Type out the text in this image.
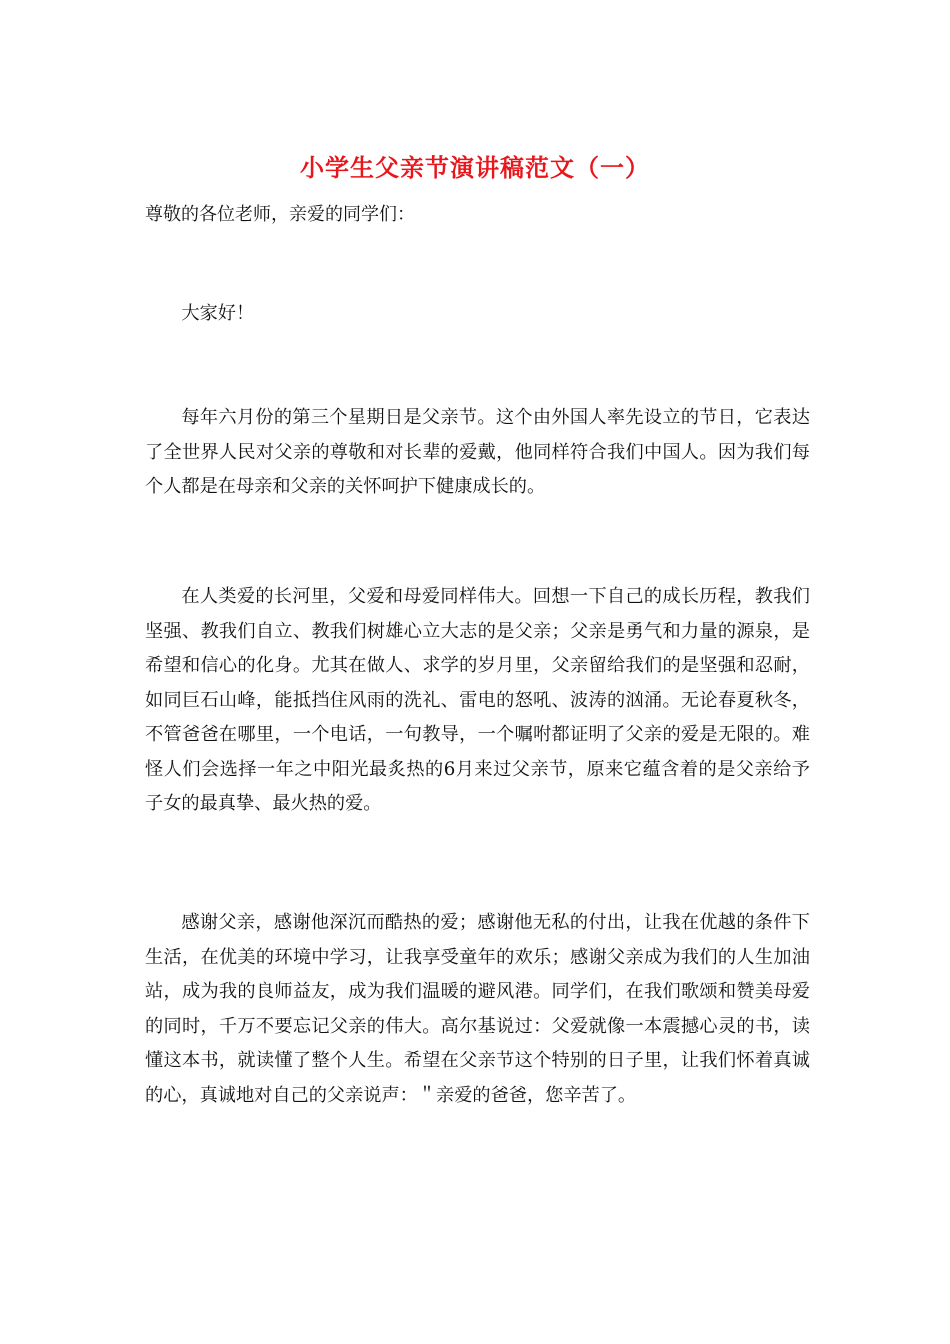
小学生父亲节演讲稿范文（一）
尊敬的各位老师，亲爱的同学们：

大家好！

每年六月份的第三个星期日是父亲节。这个由外国人率先设立的节日，它表达了全世界人民对父亲的尊敬和对长辈的爱戴，他同样符合我们中国人。因为我们每个人都是在母亲和父亲的关怀呵护下健康成长的。

在人类爱的长河里，父爱和母爱同样伟大。回想一下自己的成长历程，教我们坚强、教我们自立、教我们树雄心立大志的是父亲；父亲是勇气和力量的源泉，是希望和信心的化身。尤其在做人、求学的岁月里，父亲留给我们的是坚强和忍耐，如同巨石山峰，能抵挡住风雨的洗礼、雷电的怒吼、波涛的汹涌。无论春夏秋冬，不管爸爸在哪里，一个电话，一句教导，一个嘱咐都证明了父亲的爱是无限的。难怪人们会选择一年之中阳光最炙热的6月来过父亲节，原来它蕴含着的是父亲给予子女的最真挚、最火热的爱。

感谢父亲，感谢他深沉而酷热的爱；感谢他无私的付出，让我在优越的条件下生活，在优美的环境中学习，让我享受童年的欢乐；感谢父亲成为我们的人生加油站，成为我的良师益友，成为我们温暖的避风港。同学们，在我们歌颂和赞美母爱的同时，千万不要忘记父亲的伟大。高尔基说过：父爱就像一本震撼心灵的书，读懂这本书，就读懂了整个人生。希望在父亲节这个特别的日子里，让我们怀着真诚的心，真诚地对自己的父亲说声：＂亲爱的爸爸，您辛苦了。
